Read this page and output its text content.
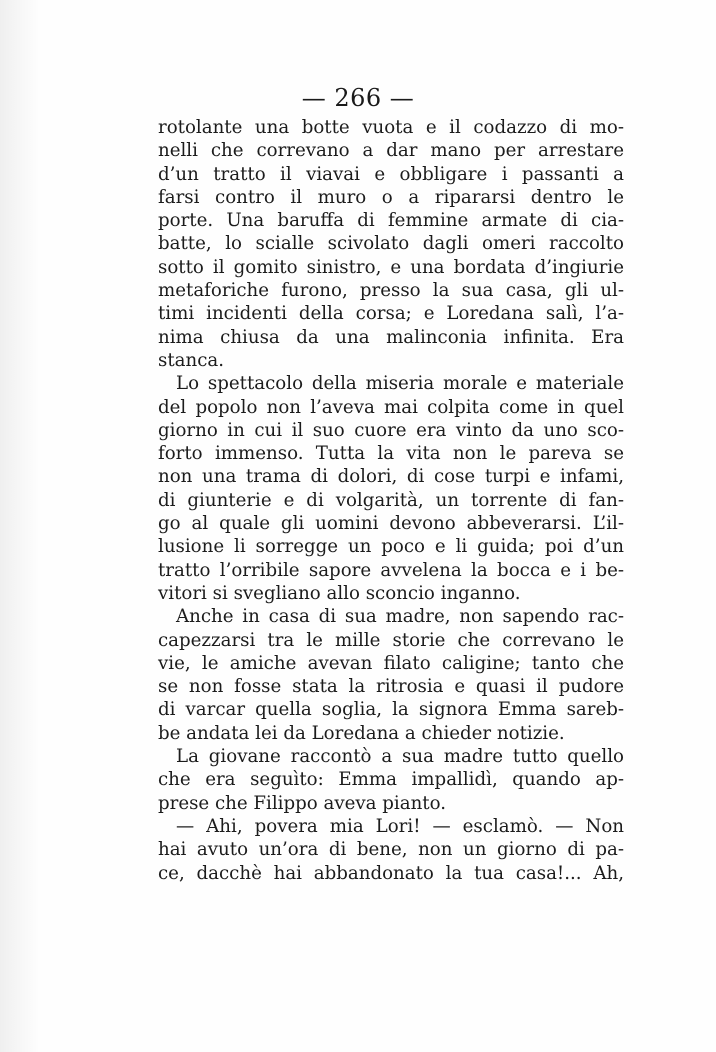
— 266 —
rotolante una botte vuota e il codazzo di mo-
nelli che correvano a dar mano per arrestare
d’un tratto il viavai e obbligare i passanti a
farsi contro il muro o a ripararsi dentro le
porte. Una baruffa di femmine armate di cia-
batte, lo scialle scivolato dagli omeri raccolto
sotto il gomito sinistro, e una bordata d’ingiurie
metaforiche furono, presso la sua casa, gli ul-
timi incidenti della corsa; e Loredana salì, l’a-
nima chiusa da una malinconia infinita. Era
stanca.
Lo spettacolo della miseria morale e materiale
del popolo non l’aveva mai colpita come in quel
giorno in cui il suo cuore era vinto da uno sco-
forto immenso. Tutta la vita non le pareva se
non una trama di dolori, di cose turpi e infami,
di giunterie e di volgarità, un torrente di fan-
go al quale gli uomini devono abbeverarsi. L’il-
lusione li sorregge un poco e li guida; poi d’un
tratto l’orribile sapore avvelena la bocca e i be-
vitori si svegliano allo sconcio inganno.
Anche in casa di sua madre, non sapendo rac-
capezzarsi tra le mille storie che correvano le
vie, le amiche avevan filato caligine; tanto che
se non fosse stata la ritrosia e quasi il pudore
di varcar quella soglia, la signora Emma sareb-
be andata lei da Loredana a chieder notizie.
La giovane raccontò a sua madre tutto quello
che era seguìto: Emma impallidì, quando ap-
prese che Filippo aveva pianto.
— Ahi, povera mia Lori! — esclamò. — Non
hai avuto un’ora di bene, non un giorno di pa-
ce, dacchè hai abbandonato la tua casa!... Ah,
